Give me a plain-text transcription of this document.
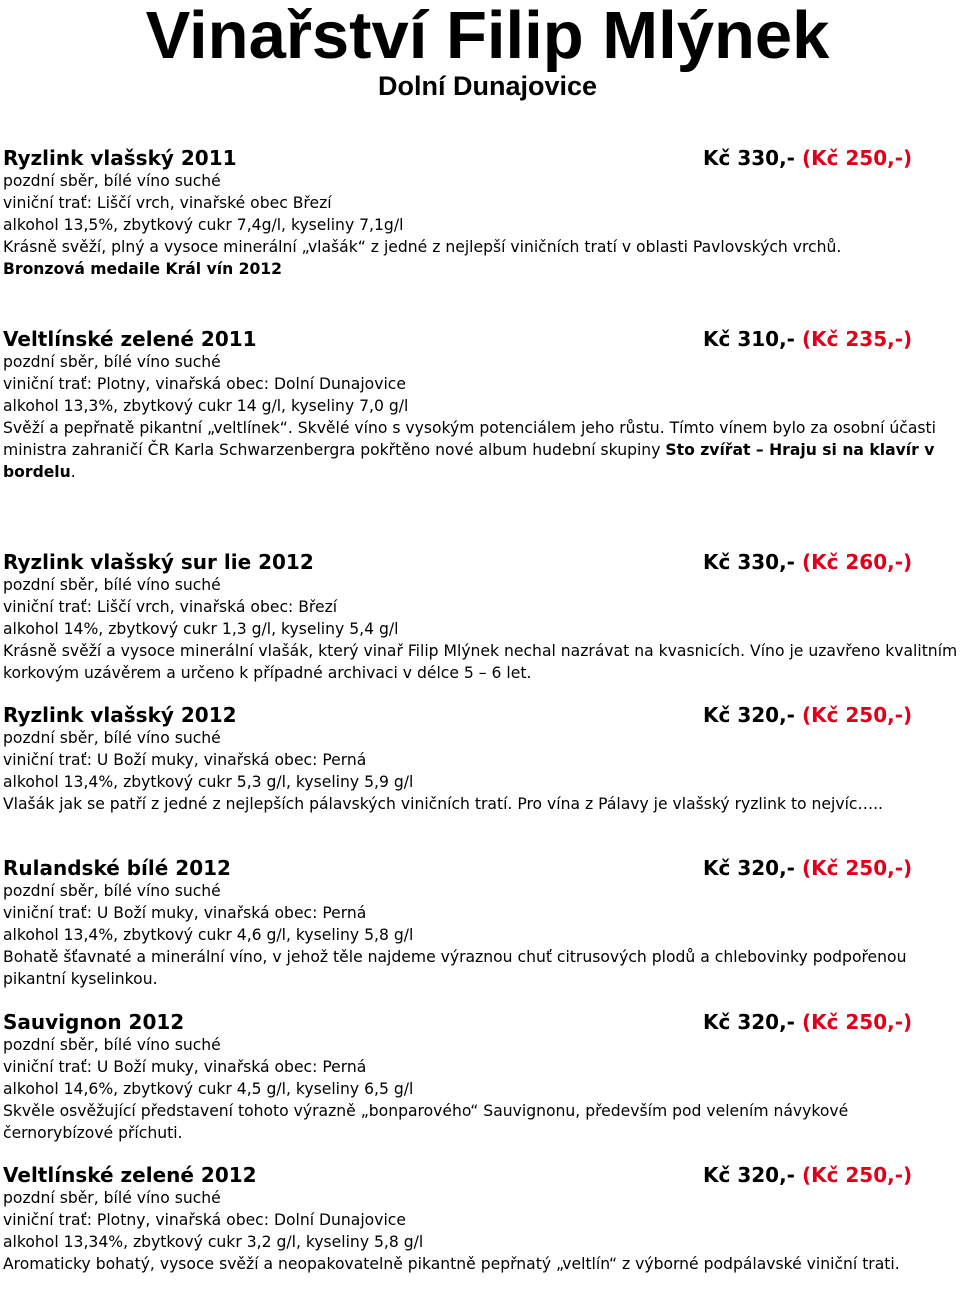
Vinařství Filip Mlýnek
Dolní Dunajovice
Ryzlink vlašský 2011	Kč 330,- (Kč 250,-)
pozdní sběr, bílé víno suché
viniční trať: Liščí vrch, vinařské obec Březí
alkohol 13,5%, zbytkový cukr 7,4g/l, kyseliny 7,1g/l
Krásně svěží, plný a vysoce minerální „vlašák“ z jedné z nejlepší viničních tratí v oblasti Pavlovských vrchů.
Bronzová medaile Král vín 2012
Veltlínské zelené 2011	Kč 310,- (Kč 235,-)
pozdní sběr, bílé víno suché
viniční trať: Plotny, vinařská obec: Dolní Dunajovice
alkohol 13,3%, zbytkový cukr 14 g/l, kyseliny 7,0 g/l
Svěží a pepřnatě pikantní „veltlínek“. Skvělé víno s vysokým potenciálem jeho růstu. Tímto vínem bylo za osobní účasti ministra zahraničí ČR Karla Schwarzenbergra pokřtěno nové album hudební skupiny Sto zvířat – Hraju si na klavír v bordelu.
Ryzlink vlašský sur lie 2012	Kč 330,- (Kč 260,-)
pozdní sběr, bílé víno suché
viniční trať: Liščí vrch, vinařská obec: Březí
alkohol 14%, zbytkový cukr 1,3 g/l, kyseliny 5,4 g/l
Krásně svěží a vysoce minerální vlašák, který vinař Filip Mlýnek nechal nazrávat na kvasnicích. Víno je uzavřeno kvalitním korkovým uzávěrem a určeno k případné archivaci v délce 5 – 6 let.
Ryzlink vlašský 2012	Kč 320,- (Kč 250,-)
pozdní sběr, bílé víno suché
viniční trať: U Boží muky, vinařská obec: Perná
alkohol 13,4%, zbytkový cukr 5,3 g/l, kyseliny 5,9 g/l
Vlašák jak se patří z jedné z nejlepších pálavských viničních tratí. Pro vína z Pálavy je vlašský ryzlink to nejvíc…..
Rulandské bílé 2012	Kč 320,- (Kč 250,-)
pozdní sběr, bílé víno suché
viniční trať: U Boží muky, vinařská obec: Perná
alkohol 13,4%, zbytkový cukr 4,6 g/l, kyseliny 5,8 g/l
Bohatě šťavnaté a minerální víno, v jehož těle najdeme výraznou chuť citrusových plodů a chlebovinky podpořenou pikantní kyselinkou.
Sauvignon 2012	Kč 320,- (Kč 250,-)
pozdní sběr, bílé víno suché
viniční trať: U Boží muky, vinařská obec: Perná
alkohol 14,6%, zbytkový cukr 4,5 g/l, kyseliny 6,5 g/l
Skvěle osvěžující představení tohoto výrazně „bonparového“ Sauvignonu, především pod velením návykové černorybízové příchuti.
Veltlínské zelené 2012	Kč 320,- (Kč 250,-)
pozdní sběr, bílé víno suché
viniční trať: Plotny, vinařská obec: Dolní Dunajovice
alkohol 13,34%, zbytkový cukr 3,2 g/l, kyseliny 5,8 g/l
Aromaticky bohatý, vysoce svěží a neopakovatelně pikantně pepřnatý „veltlín“ z výborné podpálavské viniční trati.
